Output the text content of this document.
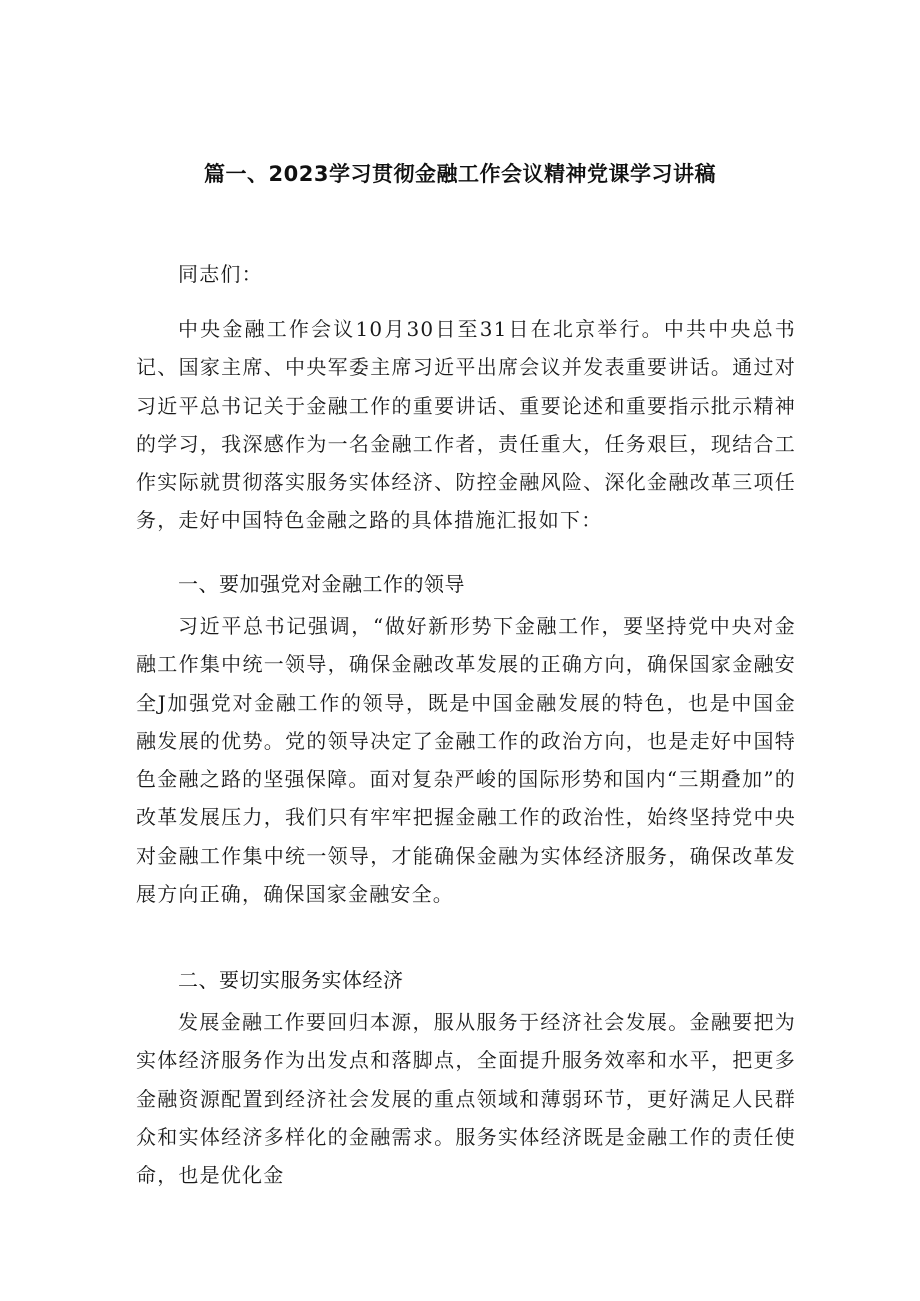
篇一、2023学习贯彻金融工作会议精神党课学习讲稿
同志们：

中央金融工作会议10月30日至31日在北京举行。中共中央总书记、国家主席、中央军委主席习近平出席会议并发表重要讲话。通过对习近平总书记关于金融工作的重要讲话、重要论述和重要指示批示精神的学习，我深感作为一名金融工作者，责任重大，任务艰巨，现结合工作实际就贯彻落实服务实体经济、防控金融风险、深化金融改革三项任务，走好中国特色金融之路的具体措施汇报如下：

一、要加强党对金融工作的领导

习近平总书记强调，“做好新形势下金融工作，要坚持党中央对金融工作集中统一领导，确保金融改革发展的正确方向，确保国家金融安全J加强党对金融工作的领导，既是中国金融发展的特色，也是中国金融发展的优势。党的领导决定了金融工作的政治方向，也是走好中国特色金融之路的坚强保障。面对复杂严峻的国际形势和国内“三期叠加”的改革发展压力，我们只有牢牢把握金融工作的政治性，始终坚持党中央对金融工作集中统一领导，才能确保金融为实体经济服务，确保改革发展方向正确，确保国家金融安全。

二、要切实服务实体经济

发展金融工作要回归本源，服从服务于经济社会发展。金融要把为实体经济服务作为出发点和落脚点，全面提升服务效率和水平，把更多金融资源配置到经济社会发展的重点领域和薄弱环节，更好满足人民群众和实体经济多样化的金融需求。服务实体经济既是金融工作的责任使命，也是优化金
